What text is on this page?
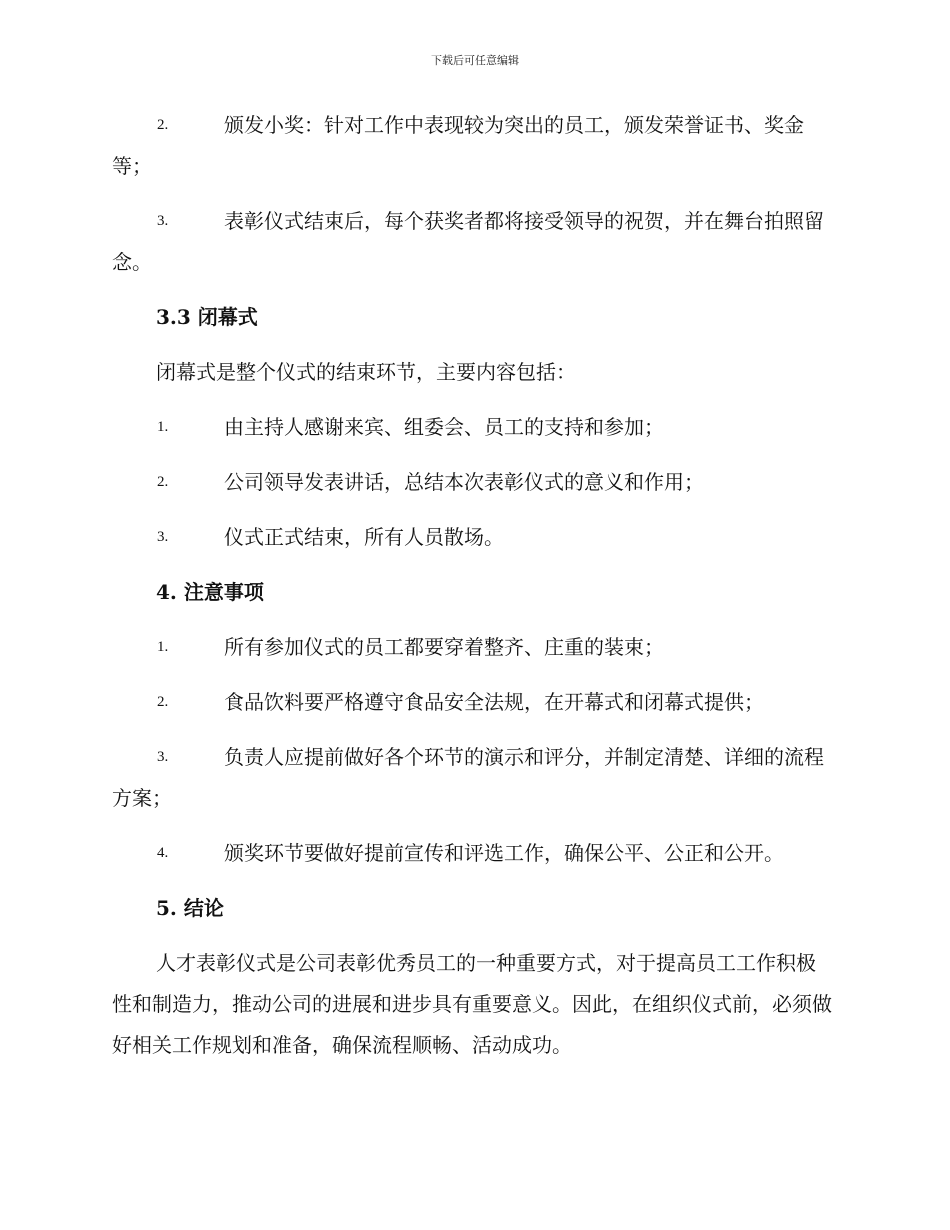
下载后可任意编辑
2.	颁发小奖：针对工作中表现较为突出的员工，颁发荣誉证书、奖金等；
3.	表彰仪式结束后，每个获奖者都将接受领导的祝贺，并在舞台拍照留念。
3.3 闭幕式
闭幕式是整个仪式的结束环节，主要内容包括：
1.	由主持人感谢来宾、组委会、员工的支持和参加；
2.	公司领导发表讲话，总结本次表彰仪式的意义和作用；
3.	仪式正式结束，所有人员散场。
4. 注意事项
1.	所有参加仪式的员工都要穿着整齐、庄重的装束；
2.	食品饮料要严格遵守食品安全法规，在开幕式和闭幕式提供；
3.	负责人应提前做好各个环节的演示和评分，并制定清楚、详细的流程方案；
4.	颁奖环节要做好提前宣传和评选工作，确保公平、公正和公开。
5. 结论
人才表彰仪式是公司表彰优秀员工的一种重要方式，对于提高员工工作积极性和制造力，推动公司的进展和进步具有重要意义。因此，在组织仪式前，必须做好相关工作规划和准备，确保流程顺畅、活动成功。
